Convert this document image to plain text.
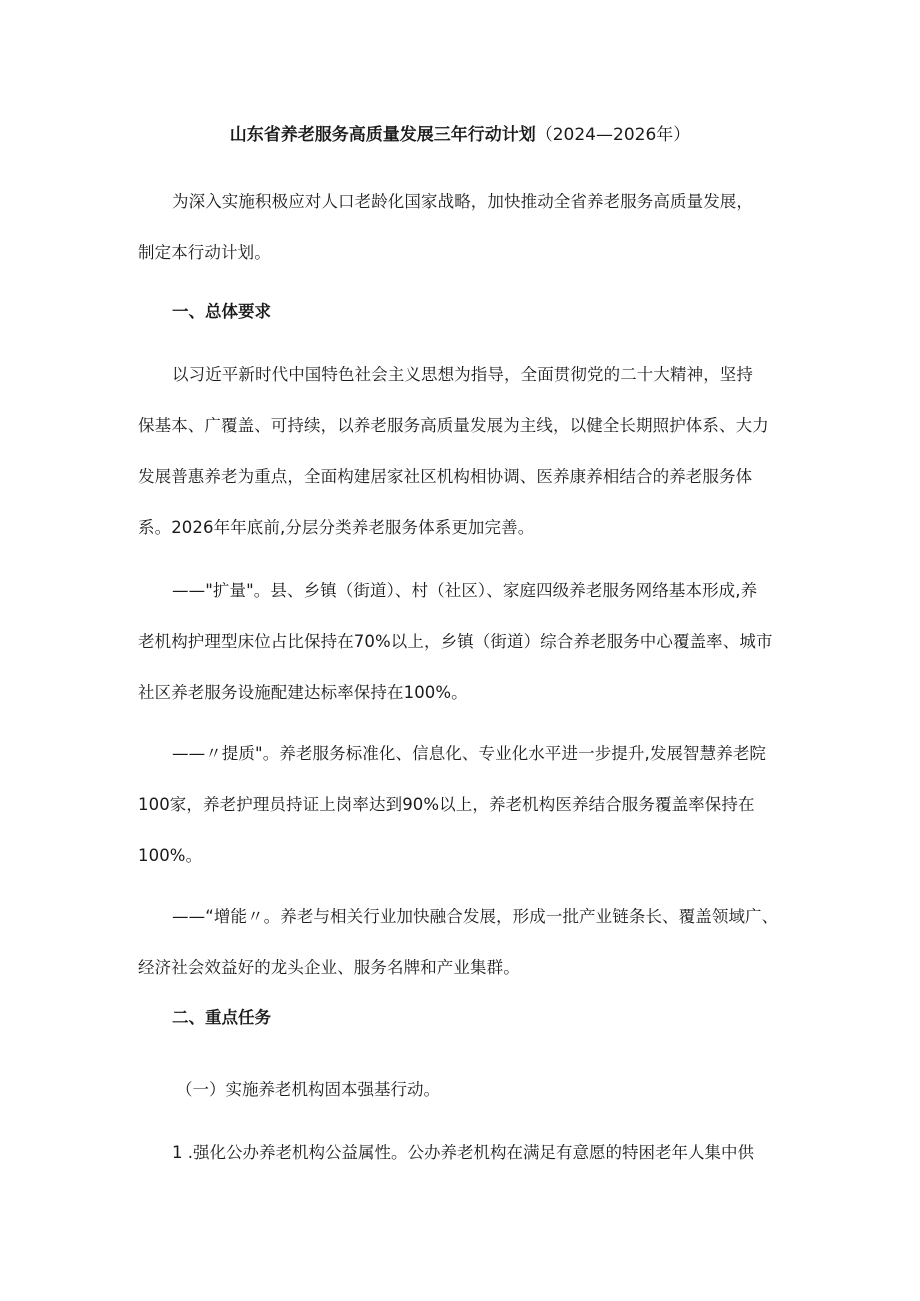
山东省养老服务高质量发展三年行动计划（2024—2026年）
为深入实施积极应对人口老龄化国家战略，加快推动全省养老服务高质量发展，
制定本行动计划。
一、总体要求
以习近平新时代中国特色社会主义思想为指导，全面贯彻党的二十大精神，坚持
保基本、广覆盖、可持续，以养老服务高质量发展为主线，以健全长期照护体系、大力
发展普惠养老为重点，全面构建居家社区机构相协调、医养康养相结合的养老服务体
系。2026年年底前,分层分类养老服务体系更加完善。
——"扩量"。县、乡镇（街道）、村（社区）、家庭四级养老服务网络基本形成,养
老机构护理型床位占比保持在70%以上，乡镇（街道）综合养老服务中心覆盖率、城市
社区养老服务设施配建达标率保持在100%。
——〃提质"。养老服务标准化、信息化、专业化水平进一步提升,发展智慧养老院
100家，养老护理员持证上岗率达到90%以上，养老机构医养结合服务覆盖率保持在
100%。
——“增能〃。养老与相关行业加快融合发展，形成一批产业链条长、覆盖领域广、
经济社会效益好的龙头企业、服务名牌和产业集群。
二、重点任务
（一）实施养老机构固本强基行动。
1 .强化公办养老机构公益属性。公办养老机构在满足有意愿的特困老年人集中供
